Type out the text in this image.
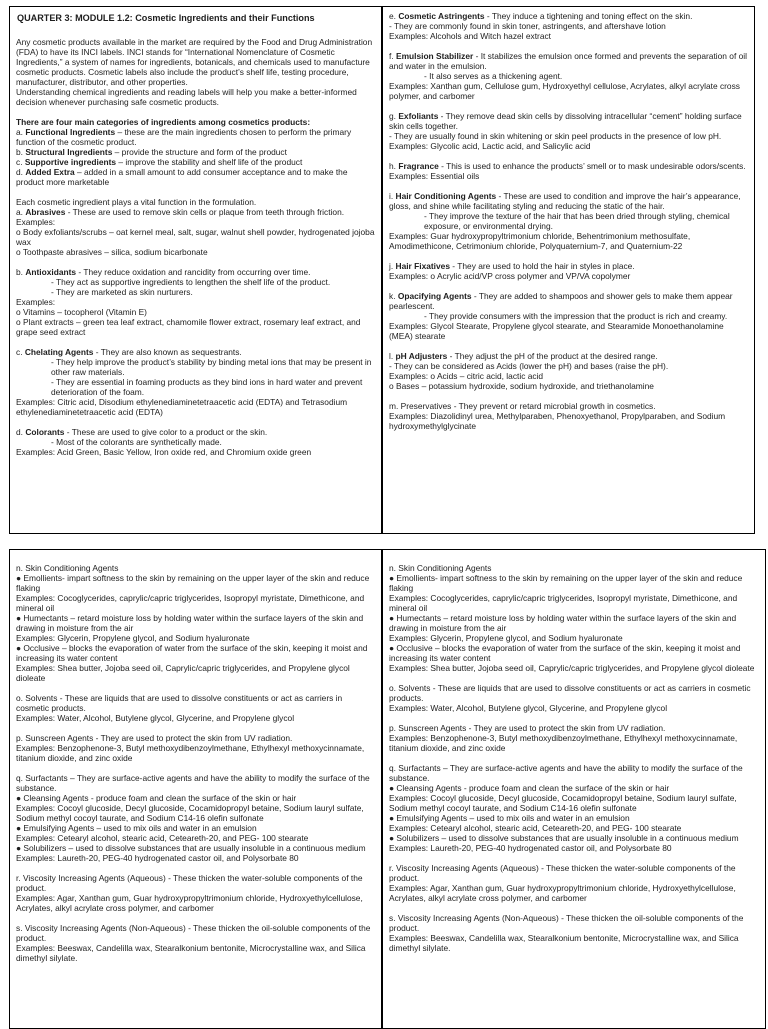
QUARTER 3: MODULE 1.2: Cosmetic Ingredients and their Functions

Any cosmetic products available in the market are required by the Food and Drug Administration (FDA) to have its INCI labels. INCI stands for “International Nomenclature of Cosmetic Ingredients,” a system of names for ingredients, botanicals, and chemicals used to manufacture cosmetic products. Cosmetic labels also include the product’s shelf life, testing procedure, manufacturer, distributor, and other properties.

Understanding chemical ingredients and reading labels will help you make a better-informed decision whenever purchasing safe cosmetic products.

There are four main categories of ingredients among cosmetics products:

a. Functional Ingredients – these are the main ingredients chosen to perform the primary function of the cosmetic product.

b. Structural Ingredients – provide the structure and form of the product

c. Supportive ingredients – improve the stability and shelf life of the product

d. Added Extra – added in a small amount to add consumer acceptance and to make the product more marketable

Each cosmetic ingredient plays a vital function in the formulation.

a. Abrasives - These are used to remove skin cells or plaque from teeth through friction.

Examples:

o Body exfoliants/scrubs – oat kernel meal, salt, sugar, walnut shell powder, hydrogenated jojoba wax

o Toothpaste abrasives – silica, sodium bicarbonate

b. Antioxidants - They reduce oxidation and rancidity from occurring over time.

- They act as supportive ingredients to lengthen the shelf life of the product.

- They are marketed as skin nurturers.

Examples:

o Vitamins – tocopherol (Vitamin E)

o Plant extracts – green tea leaf extract, chamomile flower extract, rosemary leaf extract, and grape seed extract

c. Chelating Agents - They are also known as sequestrants.

- They help improve the product’s stability by binding metal ions that may be present in other raw materials.

- They are essential in foaming products as they bind ions in hard water and prevent deterioration of the foam.

Examples: Citric acid, Disodium ethylenediaminetetraacetic acid (EDTA) and Tetrasodium ethylenediaminetetraacetic acid (EDTA)

d. Colorants - These are used to give color to a product or the skin.

- Most of the colorants are synthetically made.

Examples: Acid Green, Basic Yellow, Iron oxide red, and Chromium oxide green

e. Cosmetic Astringents - They induce a tightening and toning effect on the skin.

- They are commonly found in skin toner, astringents, and aftershave lotion

Examples: Alcohols and Witch hazel extract

f. Emulsion Stabilizer - It stabilizes the emulsion once formed and prevents the separation of oil and water in the emulsion.

- It also serves as a thickening agent.

Examples: Xanthan gum, Cellulose gum, Hydroxyethyl cellulose, Acrylates, alkyl acrylate cross polymer, and carbomer

g. Exfoliants - They remove dead skin cells by dissolving intracellular “cement” holding surface skin cells together.

- They are usually found in skin whitening or skin peel products in the presence of low pH.

Examples: Glycolic acid, Lactic acid, and Salicylic acid

h. Fragrance - This is used to enhance the products’ smell or to mask undesirable odors/scents.

Examples: Essential oils

i. Hair Conditioning Agents - These are used to condition and improve the hair’s appearance, gloss, and shine while facilitating styling and reducing the static of the hair.

- They improve the texture of the hair that has been dried through styling, chemical exposure, or environmental drying.

Examples: Guar hydroxypropyltrimonium chloride, Behentrimonium methosulfate, Amodimethicone, Cetrimonium chloride, Polyquaternium-7, and Quaternium-22

j. Hair Fixatives - They are used to hold the hair in styles in place.

Examples: o Acrylic acid/VP cross polymer and VP/VA copolymer

k. Opacifying Agents - They are added to shampoos and shower gels to make them appear pearlescent.

- They provide consumers with the impression that the product is rich and creamy.

Examples: Glycol Stearate, Propylene glycol stearate, and Stearamide Monoethanolamine (MEA) stearate

l. pH Adjusters - They adjust the pH of the product at the desired range.

- They can be considered as Acids (lower the pH) and bases (raise the pH).

Examples: o Acids – citric acid, lactic acid

o Bases – potassium hydroxide, sodium hydroxide, and triethanolamine

m. Preservatives - They prevent or retard microbial growth in cosmetics.

Examples: Diazolidinyl urea, Methylparaben, Phenoxyethanol, Propylparaben, and Sodium hydroxymethylglycinate

n. Skin Conditioning Agents

● Emollients- impart softness to the skin by remaining on the upper layer of the skin and reduce flaking

Examples: Cocoglycerides, caprylic/capric triglycerides, Isopropyl myristate, Dimethicone, and mineral oil

● Humectants – retard moisture loss by holding water within the surface layers of the skin and drawing in moisture from the air

Examples: Glycerin, Propylene glycol, and Sodium hyaluronate

● Occlusive – blocks the evaporation of water from the surface of the skin, keeping it moist and increasing its water content

Examples: Shea butter, Jojoba seed oil, Caprylic/capric triglycerides, and Propylene glycol dioleate

o. Solvents - These are liquids that are used to dissolve constituents or act as carriers in cosmetic products.

Examples: Water, Alcohol, Butylene glycol, Glycerine, and Propylene glycol

p. Sunscreen Agents - They are used to protect the skin from UV radiation.

Examples: Benzophenone-3, Butyl methoxydibenzoylmethane, Ethylhexyl methoxycinnamate, titanium dioxide, and zinc oxide

q. Surfactants – They are surface-active agents and have the ability to modify the surface of the substance.

● Cleansing Agents - produce foam and clean the surface of the skin or hair

Examples: Cocoyl glucoside, Decyl glucoside, Cocamidopropyl betaine, Sodium lauryl sulfate, Sodium methyl cocoyl taurate, and Sodium C14-16 olefin sulfonate

● Emulsifying Agents – used to mix oils and water in an emulsion

Examples: Cetearyl alcohol, stearic acid, Ceteareth-20, and PEG- 100 stearate

● Solubilizers – used to dissolve substances that are usually insoluble in a continuous medium

Examples: Laureth-20, PEG-40 hydrogenated castor oil, and Polysorbate 80

r. Viscosity Increasing Agents (Aqueous) - These thicken the water-soluble components of the product.

Examples: Agar, Xanthan gum, Guar hydroxypropyltrimonium chloride, Hydroxyethylcellulose, Acrylates, alkyl acrylate cross polymer, and carbomer

s. Viscosity Increasing Agents (Non-Aqueous) - These thicken the oil-soluble components of the product.

Examples: Beeswax, Candelilla wax, Stearalkonium bentonite, Microcrystalline wax, and Silica dimethyl silylate.

n. Skin Conditioning Agents

● Emollients- impart softness to the skin by remaining on the upper layer of the skin and reduce flaking

Examples: Cocoglycerides, caprylic/capric triglycerides, Isopropyl myristate, Dimethicone, and mineral oil

● Humectants – retard moisture loss by holding water within the surface layers of the skin and drawing in moisture from the air

Examples: Glycerin, Propylene glycol, and Sodium hyaluronate

● Occlusive – blocks the evaporation of water from the surface of the skin, keeping it moist and increasing its water content

Examples: Shea butter, Jojoba seed oil, Caprylic/capric triglycerides, and Propylene glycol dioleate

o. Solvents - These are liquids that are used to dissolve constituents or act as carriers in cosmetic products.

Examples: Water, Alcohol, Butylene glycol, Glycerine, and Propylene glycol

p. Sunscreen Agents - They are used to protect the skin from UV radiation.

Examples: Benzophenone-3, Butyl methoxydibenzoylmethane, Ethylhexyl methoxycinnamate, titanium dioxide, and zinc oxide

q. Surfactants – They are surface-active agents and have the ability to modify the surface of the substance.

● Cleansing Agents - produce foam and clean the surface of the skin or hair

Examples: Cocoyl glucoside, Decyl glucoside, Cocamidopropyl betaine, Sodium lauryl sulfate, Sodium methyl cocoyl taurate, and Sodium C14-16 olefin sulfonate

● Emulsifying Agents – used to mix oils and water in an emulsion

Examples: Cetearyl alcohol, stearic acid, Ceteareth-20, and PEG- 100 stearate

● Solubilizers – used to dissolve substances that are usually insoluble in a continuous medium

Examples: Laureth-20, PEG-40 hydrogenated castor oil, and Polysorbate 80

r. Viscosity Increasing Agents (Aqueous) - These thicken the water-soluble components of the product.

Examples: Agar, Xanthan gum, Guar hydroxypropyltrimonium chloride, Hydroxyethylcellulose, Acrylates, alkyl acrylate cross polymer, and carbomer

s. Viscosity Increasing Agents (Non-Aqueous) - These thicken the oil-soluble components of the product.

Examples: Beeswax, Candelilla wax, Stearalkonium bentonite, Microcrystalline wax, and Silica dimethyl silylate.
